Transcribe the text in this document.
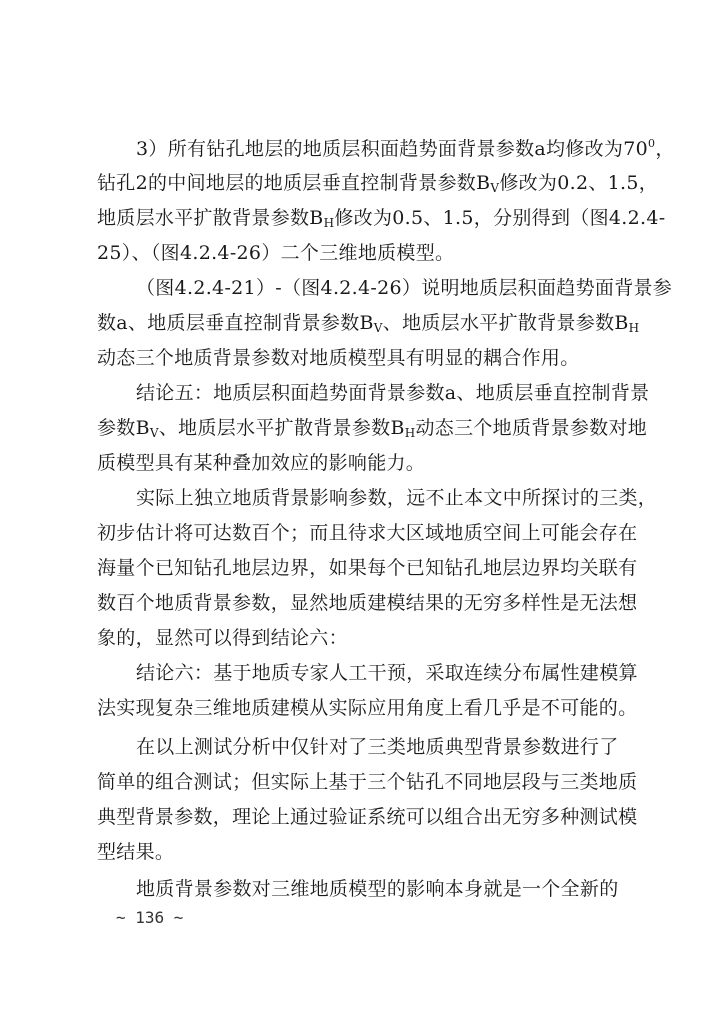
3）所有钻孔地层的地质层积面趋势面背景参数a均修改为$70^0$，
钻孔2的中间地层的地质层垂直控制背景参数$B_V$修改为0.2、1.5，
地质层水平扩散背景参数$B_H$修改为0.5、1.5，分别得到（图4.2.4-
25）、（图4.2.4-26）二个三维地质模型。
（图4.2.4-21）-（图4.2.4-26）说明地质层积面趋势面背景参
数a、地质层垂直控制背景参数$B_V$、地质层水平扩散背景参数$B_H$
动态三个地质背景参数对地质模型具有明显的耦合作用。
结论五：地质层积面趋势面背景参数a、地质层垂直控制背景
参数$B_V$、地质层水平扩散背景参数$B_H$动态三个地质背景参数对地
质模型具有某种叠加效应的影响能力。
实际上独立地质背景影响参数，远不止本文中所探讨的三类，
初步估计将可达数百个；而且待求大区域地质空间上可能会存在
海量个已知钻孔地层边界，如果每个已知钻孔地层边界均关联有
数百个地质背景参数，显然地质建模结果的无穷多样性是无法想
象的，显然可以得到结论六：
结论六：基于地质专家人工干预，采取连续分布属性建模算
法实现复杂三维地质建模从实际应用角度上看几乎是不可能的。
在以上测试分析中仅针对了三类地质典型背景参数进行了
简单的组合测试；但实际上基于三个钻孔不同地层段与三类地质
典型背景参数，理论上通过验证系统可以组合出无穷多种测试模
型结果。
地质背景参数对三维地质模型的影响本身就是一个全新的
~ 136 ~
